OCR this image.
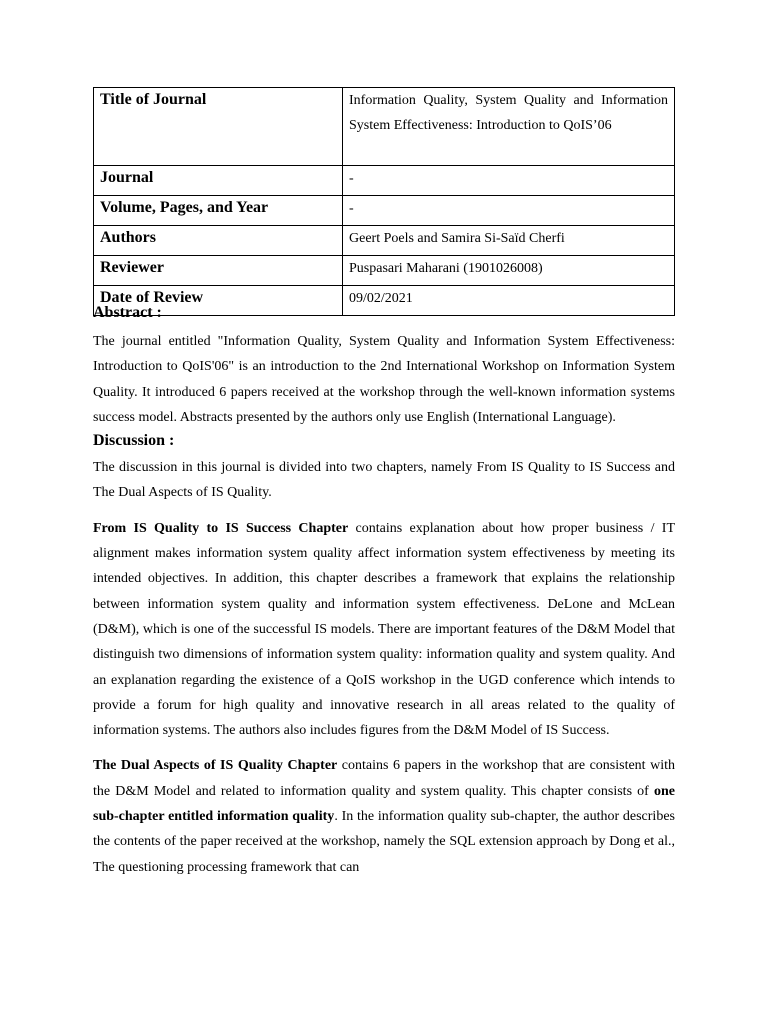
Title of Journal	Information Quality, System Quality and Information System Effectiveness: Introduction to QoIS’06
Journal	-
Volume, Pages, and Year	-
Authors	Geert Poels and Samira Si-Saïd Cherfi
Reviewer	Puspasari Maharani (1901026008)
Date of Review	09/02/2021
Abstract :

The journal entitled "Information Quality, System Quality and Information System Effectiveness: Introduction to QoIS'06" is an introduction to the 2nd International Workshop on Information System Quality. It introduced 6 papers received at the workshop through the well-known information systems success model. Abstracts presented by the authors only use English (International Language).

Discussion :

The discussion in this journal is divided into two chapters, namely From IS Quality to IS Success and The Dual Aspects of IS Quality.

From IS Quality to IS Success Chapter contains explanation about how proper business / IT alignment makes information system quality affect information system effectiveness by meeting its intended objectives. In addition, this chapter describes a framework that explains the relationship between information system quality and information system effectiveness. DeLone and McLean (D&M), which is one of the successful IS models. There are important features of the D&M Model that distinguish two dimensions of information system quality: information quality and system quality. And an explanation regarding the existence of a QoIS workshop in the UGD conference which intends to provide a forum for high quality and innovative research in all areas related to the quality of information systems. The authors also includes figures from the D&M Model of IS Success.

The Dual Aspects of IS Quality Chapter contains 6 papers in the workshop that are consistent with the D&M Model and related to information quality and system quality. This chapter consists of one sub-chapter entitled information quality. In the information quality sub-chapter, the author describes the contents of the paper received at the workshop, namely the SQL extension approach by Dong et al., The questioning processing framework that can
